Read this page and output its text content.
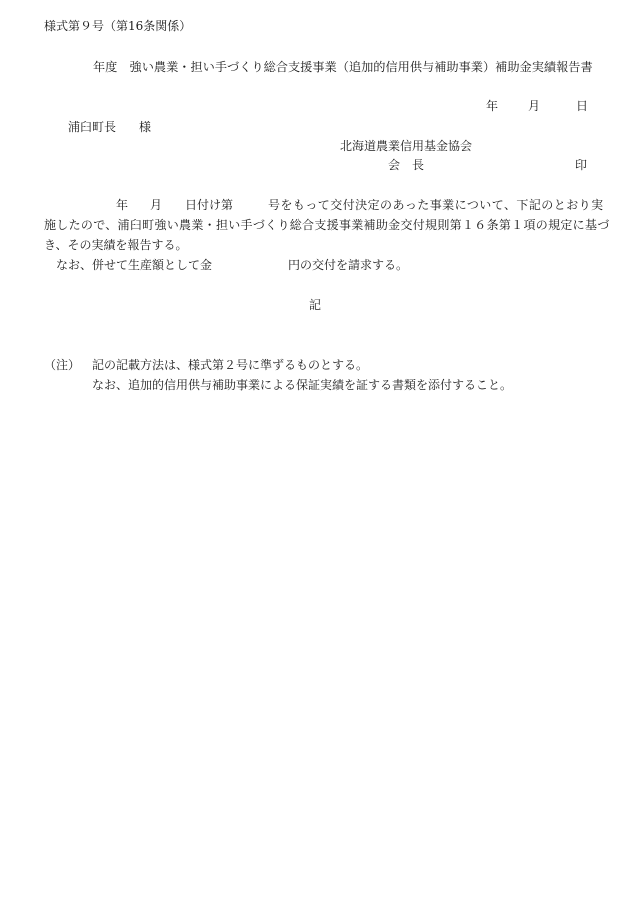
様式第９号（第16条関係）
年度　強い農業・担い手づくり総合支援事業（追加的信用供与補助事業）補助金実績報告書
年 月	日
浦臼町長 様
北海道農業信用基金協会
会　長	印
年 月 日付け第	号をもって交付決定のあった事業について、下記のとおり実
施したので、浦臼町強い農業・担い手づくり総合支援事業補助金交付規則第１６条第１項の規定に基づ
き、その実績を報告する。
なお、併せて生産額として金	円の交付を請求する。
記
（注） 記の記載方法は、様式第２号に準ずるものとする。
なお、追加的信用供与補助事業による保証実績を証する書類を添付すること。
